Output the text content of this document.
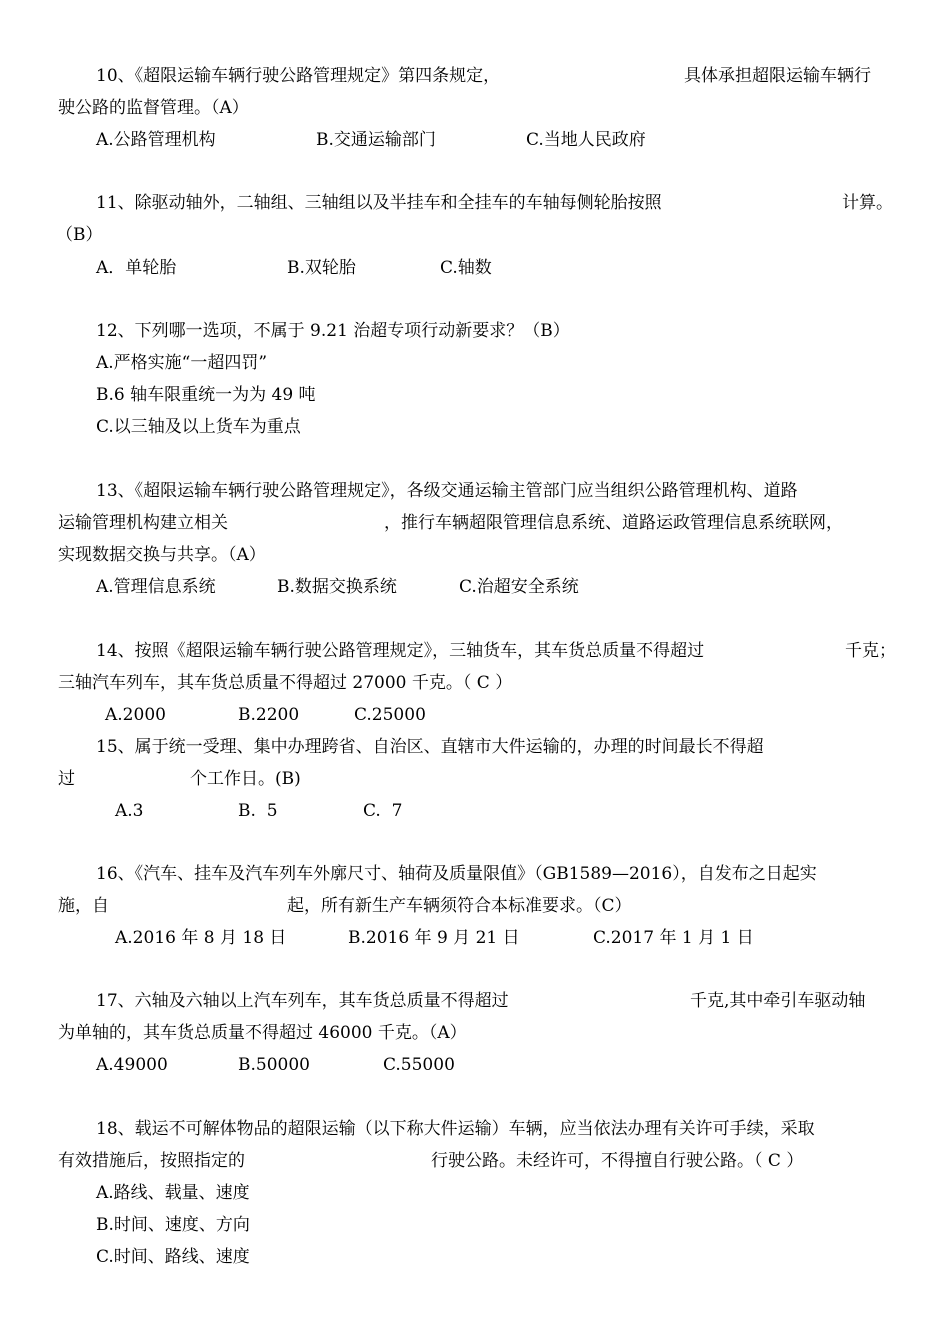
10、《超限运输车辆行驶公路管理规定》第四条规定，	具体承担超限运输车辆行

驶公路的监督管理。（A）

A.公路管理机构	B.交通运输部门	C.当地人民政府

11、除驱动轴外，二轴组、三轴组以及半挂车和全挂车的车轴每侧轮胎按照	计算。

（B）

A．单轮胎	B.双轮胎	C.轴数

12、下列哪一选项，不属于 9.21 治超专项行动新要求？（B）

A.严格实施“一超四罚”

B.6 轴车限重统一为为 49 吨

C.以三轴及以上货车为重点

13、《超限运输车辆行驶公路管理规定》，各级交通运输主管部门应当组织公路管理机构、道路

运输管理机构建立相关	，推行车辆超限管理信息系统、道路运政管理信息系统联网，

实现数据交换与共享。（A）

A.管理信息系统	B.数据交换系统	C.治超安全系统

14、按照《超限运输车辆行驶公路管理规定》，三轴货车，其车货总质量不得超过	千克；

三轴汽车列车，其车货总质量不得超过 27000 千克。（ C ）

A.2000	B.2200	C.25000

15、属于统一受理、集中办理跨省、自治区、直辖市大件运输的，办理的时间最长不得超

过	个工作日。(B)

A.3	B.  5	C.  7

16、《汽车、挂车及汽车列车外廓尺寸、轴荷及质量限值》（GB1589—2016），自发布之日起实

施，自	起，所有新生产车辆须符合本标准要求。（C）

A.2016 年 8 月 18 日	B.2016 年 9 月 21 日	C.2017 年 1 月 1 日

17、六轴及六轴以上汽车列车，其车货总质量不得超过	千克,其中牵引车驱动轴

为单轴的，其车货总质量不得超过 46000 千克。（A）

A.49000	B.50000	C.55000

18、载运不可解体物品的超限运输（以下称大件运输）车辆，应当依法办理有关许可手续，采取

有效措施后，按照指定的	行驶公路。未经许可，不得擅自行驶公路。（ C ）

A.路线、载量、速度

B.时间、速度、方向

C.时间、路线、速度
